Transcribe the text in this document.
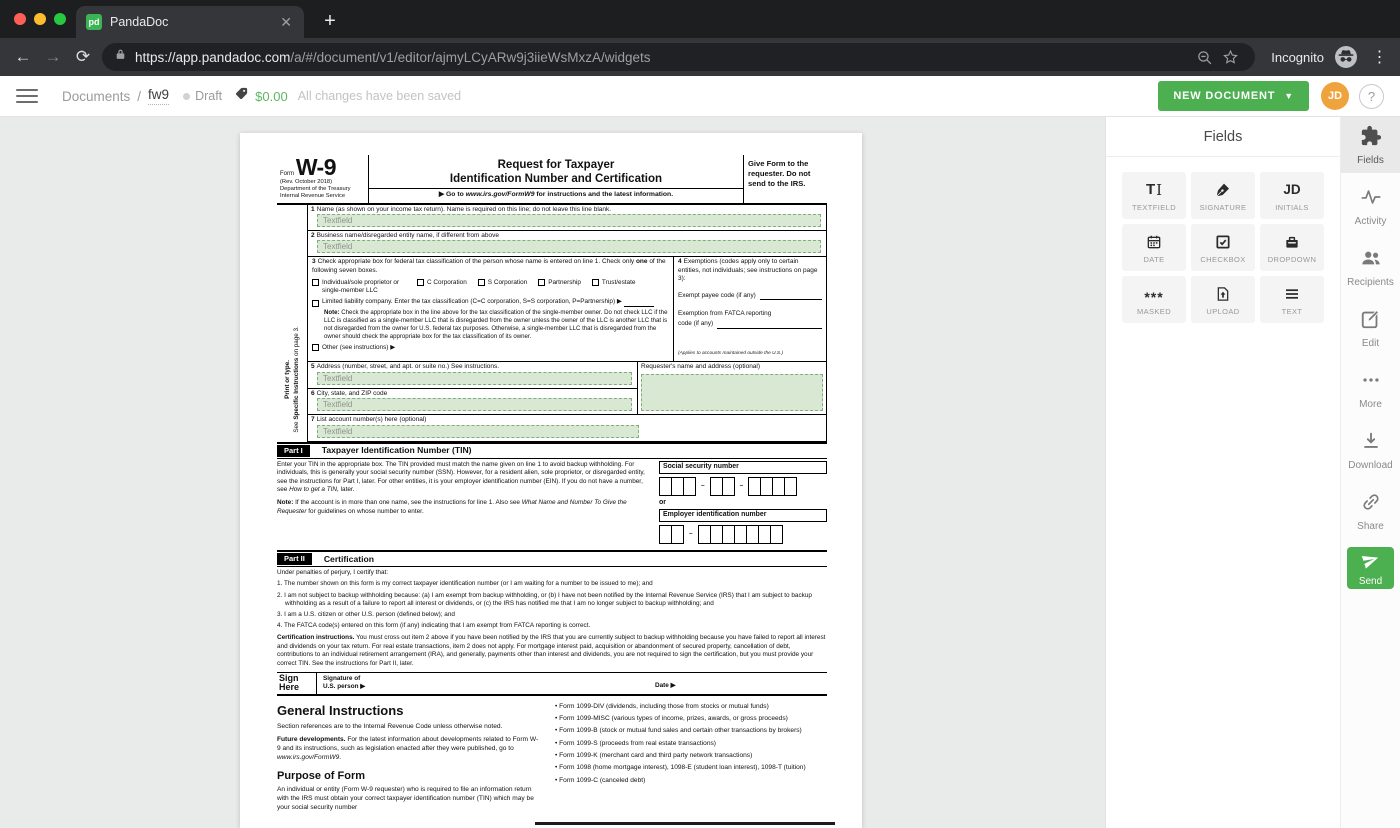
pd PandaDoc	✕	+
← → ⟳	https://app.pandadoc.com/a/#/document/v1/editor/ajmyLCyARw9j3iieWsMxzA/widgets	Incognito	⋮
Documents / fw9 Draft	$0.00 All changes have been saved	NEW DOCUMENT ▼	JD	?
Form W-9
(Rev. October 2018)
Department of the Treasury
Internal Revenue Service
Request for Taxpayer
Identification Number and Certification
▶ Go to www.irs.gov/FormW9 for instructions and the latest information.
Give Form to the requester. Do not send to the IRS.
Print or type.
See Specific Instructions on page 3.
1 Name (as shown on your income tax return). Name is required on this line; do not leave this line blank.
Textfield
2 Business name/disregarded entity name, if different from above
Textfield
3 Check appropriate box for federal tax classification of the person whose name is entered on line 1. Check only one of the following seven boxes.
Individual/sole proprietor or single-member LLC
C Corporation	S Corporation	Partnership	Trust/estate
Limited liability company. Enter the tax classification (C=C corporation, S=S corporation, P=Partnership) ▶
Note: Check the appropriate box in the line above for the tax classification of the single-member owner. Do not check LLC if the LLC is classified as a single-member LLC that is disregarded from the owner unless the owner of the LLC is another LLC that is not disregarded from the owner for U.S. federal tax purposes. Otherwise, a single-member LLC that is disregarded from the owner should check the appropriate box for the tax classification of its owner.
Other (see instructions) ▶
4 Exemptions (codes apply only to certain entities, not individuals; see instructions on page 3):
Exempt payee code (if any)
Exemption from FATCA reporting
code (if any)
(Applies to accounts maintained outside the U.S.)
5 Address (number, street, and apt. or suite no.) See instructions.
Textfield
6 City, state, and ZIP code
Textfield
Requester's name and address (optional)
7 List account number(s) here (optional)
Textfield
Part I	Taxpayer Identification Number (TIN)

Enter your TIN in the appropriate box. The TIN provided must match the name given on line 1 to avoid backup withholding. For individuals, this is generally your social security number (SSN). However, for a resident alien, sole proprietor, or disregarded entity, see the instructions for Part I, later. For other entities, it is your employer identification number (EIN). If you do not have a number, see How to get a TIN, later.

Note: If the account is in more than one name, see the instructions for line 1. Also see What Name and Number To Give the Requester for guidelines on whose number to enter.

Social security number
–	–
or
Employer identification number
–
Part II	Certification
Under penalties of perjury, I certify that:
1. The number shown on this form is my correct taxpayer identification number (or I am waiting for a number to be issued to me); and
2. I am not subject to backup withholding because: (a) I am exempt from backup withholding, or (b) I have not been notified by the Internal Revenue Service (IRS) that I am subject to backup withholding as a result of a failure to report all interest or dividends, or (c) the IRS has notified me that I am no longer subject to backup withholding; and
3. I am a U.S. citizen or other U.S. person (defined below); and
4. The FATCA code(s) entered on this form (if any) indicating that I am exempt from FATCA reporting is correct.
Certification instructions. You must cross out item 2 above if you have been notified by the IRS that you are currently subject to backup withholding because you have failed to report all interest and dividends on your tax return. For real estate transactions, item 2 does not apply. For mortgage interest paid, acquisition or abandonment of secured property, cancellation of debt, contributions to an individual retirement arrangement (IRA), and generally, payments other than interest and dividends, you are not required to sign the certification, but you must provide your correct TIN. See the instructions for Part II, later.
Sign
Here
Signature of
U.S. person ▶	Date ▶
General Instructions

Section references are to the Internal Revenue Code unless otherwise noted.

Future developments. For the latest information about developments related to Form W-9 and its instructions, such as legislation enacted after they were published, go to www.irs.gov/FormW9.

Purpose of Form

An individual or entity (Form W-9 requester) who is required to file an information return with the IRS must obtain your correct taxpayer identification number (TIN) which may be your social security number

• Form 1099-DIV (dividends, including those from stocks or mutual funds)
• Form 1099-MISC (various types of income, prizes, awards, or gross proceeds)
• Form 1099-B (stock or mutual fund sales and certain other transactions by brokers)
• Form 1099-S (proceeds from real estate transactions)
• Form 1099-K (merchant card and third party network transactions)
• Form 1098 (home mortgage interest), 1098-E (student loan interest), 1098-T (tuition)
• Form 1099-C (canceled debt)
Fields
T I
TEXTFIELD	SIGNATURE
JD
INITIALS
DATE	CHECKBOX	DROPDOWN
***
MASKED	UPLOAD	TEXT
Fields
Activity
Recipients
Edit
More
Download
Share
Send
